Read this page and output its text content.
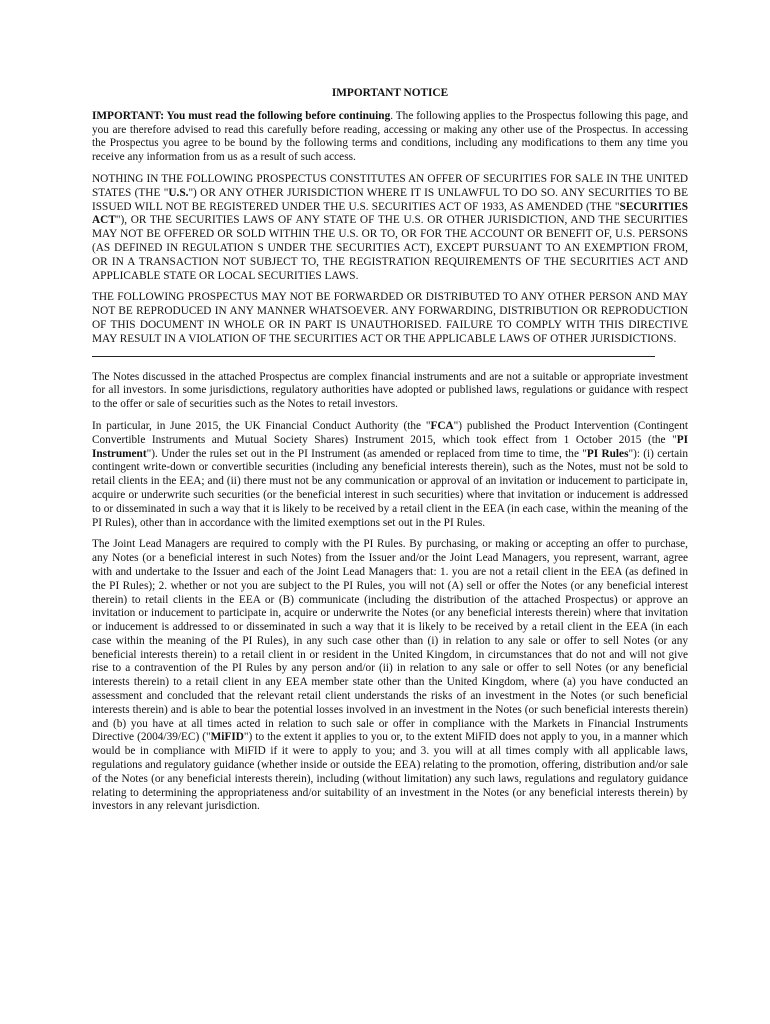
IMPORTANT NOTICE

IMPORTANT: You must read the following before continuing. The following applies to the Prospectus following this page, and you are therefore advised to read this carefully before reading, accessing or making any other use of the Prospectus. In accessing the Prospectus you agree to be bound by the following terms and conditions, including any modifications to them any time you receive any information from us as a result of such access.

NOTHING IN THE FOLLOWING PROSPECTUS CONSTITUTES AN OFFER OF SECURITIES FOR SALE IN THE UNITED STATES (THE "U.S.") OR ANY OTHER JURISDICTION WHERE IT IS UNLAWFUL TO DO SO. ANY SECURITIES TO BE ISSUED WILL NOT BE REGISTERED UNDER THE U.S. SECURITIES ACT OF 1933, AS AMENDED (THE "SECURITIES ACT"), OR THE SECURITIES LAWS OF ANY STATE OF THE U.S. OR OTHER JURISDICTION, AND THE SECURITIES MAY NOT BE OFFERED OR SOLD WITHIN THE U.S. OR TO, OR FOR THE ACCOUNT OR BENEFIT OF, U.S. PERSONS (AS DEFINED IN REGULATION S UNDER THE SECURITIES ACT), EXCEPT PURSUANT TO AN EXEMPTION FROM, OR IN A TRANSACTION NOT SUBJECT TO, THE REGISTRATION REQUIREMENTS OF THE SECURITIES ACT AND APPLICABLE STATE OR LOCAL SECURITIES LAWS.

THE FOLLOWING PROSPECTUS MAY NOT BE FORWARDED OR DISTRIBUTED TO ANY OTHER PERSON AND MAY NOT BE REPRODUCED IN ANY MANNER WHATSOEVER. ANY FORWARDING, DISTRIBUTION OR REPRODUCTION OF THIS DOCUMENT IN WHOLE OR IN PART IS UNAUTHORISED. FAILURE TO COMPLY WITH THIS DIRECTIVE MAY RESULT IN A VIOLATION OF THE SECURITIES ACT OR THE APPLICABLE LAWS OF OTHER JURISDICTIONS.

The Notes discussed in the attached Prospectus are complex financial instruments and are not a suitable or appropriate investment for all investors. In some jurisdictions, regulatory authorities have adopted or published laws, regulations or guidance with respect to the offer or sale of securities such as the Notes to retail investors.

In particular, in June 2015, the UK Financial Conduct Authority (the "FCA") published the Product Intervention (Contingent Convertible Instruments and Mutual Society Shares) Instrument 2015, which took effect from 1 October 2015 (the "PI Instrument"). Under the rules set out in the PI Instrument (as amended or replaced from time to time, the "PI Rules"): (i) certain contingent write-down or convertible securities (including any beneficial interests therein), such as the Notes, must not be sold to retail clients in the EEA; and (ii) there must not be any communication or approval of an invitation or inducement to participate in, acquire or underwrite such securities (or the beneficial interest in such securities) where that invitation or inducement is addressed to or disseminated in such a way that it is likely to be received by a retail client in the EEA (in each case, within the meaning of the PI Rules), other than in accordance with the limited exemptions set out in the PI Rules.

The Joint Lead Managers are required to comply with the PI Rules. By purchasing, or making or accepting an offer to purchase, any Notes (or a beneficial interest in such Notes) from the Issuer and/or the Joint Lead Managers, you represent, warrant, agree with and undertake to the Issuer and each of the Joint Lead Managers that: 1. you are not a retail client in the EEA (as defined in the PI Rules); 2. whether or not you are subject to the PI Rules, you will not (A) sell or offer the Notes (or any beneficial interest therein) to retail clients in the EEA or (B) communicate (including the distribution of the attached Prospectus) or approve an invitation or inducement to participate in, acquire or underwrite the Notes (or any beneficial interests therein) where that invitation or inducement is addressed to or disseminated in such a way that it is likely to be received by a retail client in the EEA (in each case within the meaning of the PI Rules), in any such case other than (i) in relation to any sale or offer to sell Notes (or any beneficial interests therein) to a retail client in or resident in the United Kingdom, in circumstances that do not and will not give rise to a contravention of the PI Rules by any person and/or (ii) in relation to any sale or offer to sell Notes (or any beneficial interests therein) to a retail client in any EEA member state other than the United Kingdom, where (a) you have conducted an assessment and concluded that the relevant retail client understands the risks of an investment in the Notes (or such beneficial interests therein) and is able to bear the potential losses involved in an investment in the Notes (or such beneficial interests therein) and (b) you have at all times acted in relation to such sale or offer in compliance with the Markets in Financial Instruments Directive (2004/39/EC) ("MiFID") to the extent it applies to you or, to the extent MiFID does not apply to you, in a manner which would be in compliance with MiFID if it were to apply to you; and 3. you will at all times comply with all applicable laws, regulations and regulatory guidance (whether inside or outside the EEA) relating to the promotion, offering, distribution and/or sale of the Notes (or any beneficial interests therein), including (without limitation) any such laws, regulations and regulatory guidance relating to determining the appropriateness and/or suitability of an investment in the Notes (or any beneficial interests therein) by investors in any relevant jurisdiction.
